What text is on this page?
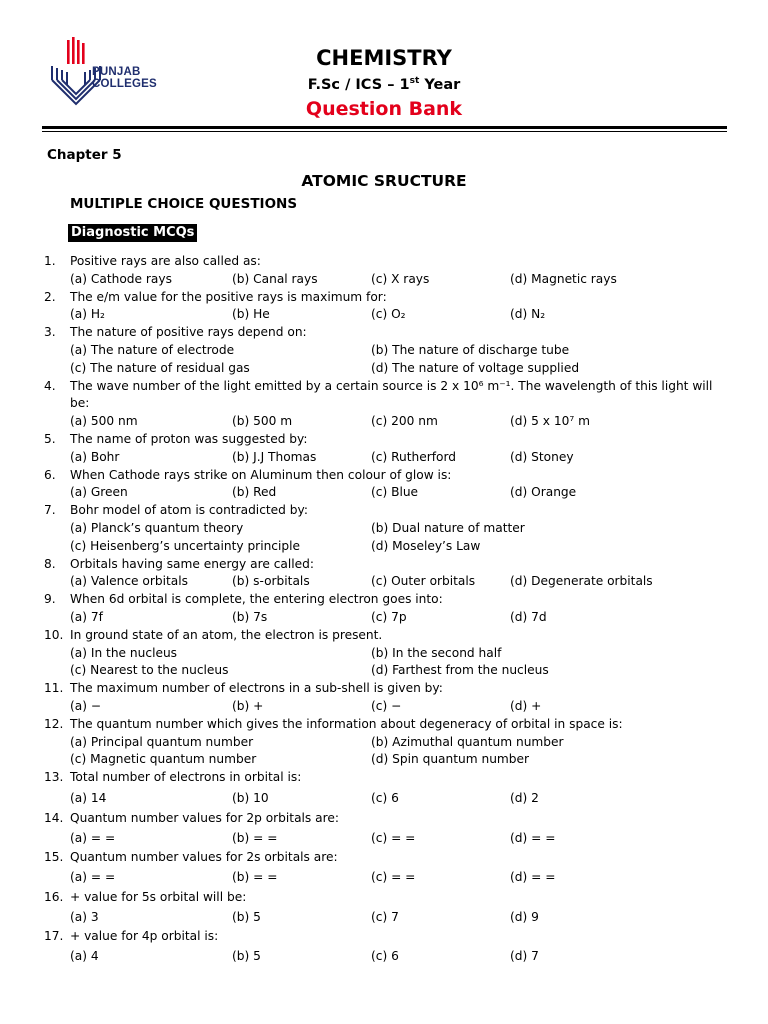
PUNJAB
COLLEGES
CHEMISTRY
F.Sc / ICS – 1st Year
Question Bank
Chapter 5
ATOMIC SRUCTURE
MULTIPLE CHOICE QUESTIONS
Diagnostic MCQs
1.	Positive rays are also called as:
(a) Cathode rays	(b) Canal rays	(c) X rays	(d) Magnetic rays
2.	The e/m value for the positive rays is maximum for:
(a) H₂	(b) He	(c) O₂	(d) N₂
3.	The nature of positive rays depend on:
(a) The nature of electrode	(b) The nature of discharge tube
(c) The nature of residual gas	(d) The nature of voltage supplied
4.	The wave number of the light emitted by a certain source is 2 x 10⁶ m⁻¹. The wavelength of this light will be:
(a) 500 nm	(b) 500 m	(c) 200 nm	(d) 5 x 10⁷ m
5.	The name of proton was suggested by:
(a) Bohr	(b) J.J Thomas	(c) Rutherford	(d) Stoney
6.	When Cathode rays strike on Aluminum then colour of glow is:
(a) Green	(b) Red	(c) Blue	(d) Orange
7.	Bohr model of atom is contradicted by:
(a) Planck’s quantum theory	(b) Dual nature of matter
(c) Heisenberg’s uncertainty principle	(d) Moseley’s Law
8.	Orbitals having same energy are called:
(a) Valence orbitals	(b) s-orbitals	(c) Outer orbitals	(d) Degenerate orbitals
9.	When 6d orbital is complete, the entering electron goes into:
(a) 7f	(b) 7s	(c) 7p	(d) 7d
10. In ground state of an atom, the electron is present.
(a) In the nucleus	(b) In the second half
(c) Nearest to the nucleus	(d) Farthest from the nucleus
11. The maximum number of electrons in a sub-shell is given by:
(a) −	(b) +	(c) −	(d) +
12. The quantum number which gives the information about degeneracy of orbital in space is:
(a) Principal quantum number	(b) Azimuthal quantum number
(c) Magnetic quantum number	(d) Spin quantum number
13. Total number of electrons in orbital is:
(a) 14	(b) 10	(c) 6	(d) 2
14. Quantum number values for 2p orbitals are:
(a) = =	(b) = =	(c) = =	(d) = =
15. Quantum number values for 2s orbitals are:
(a) = =	(b) = =	(c) = =	(d) = =
16. + value for 5s orbital will be:
(a) 3	(b) 5	(c) 7	(d) 9
17. + value for 4p orbital is:
(a) 4	(b) 5	(c) 6	(d) 7
